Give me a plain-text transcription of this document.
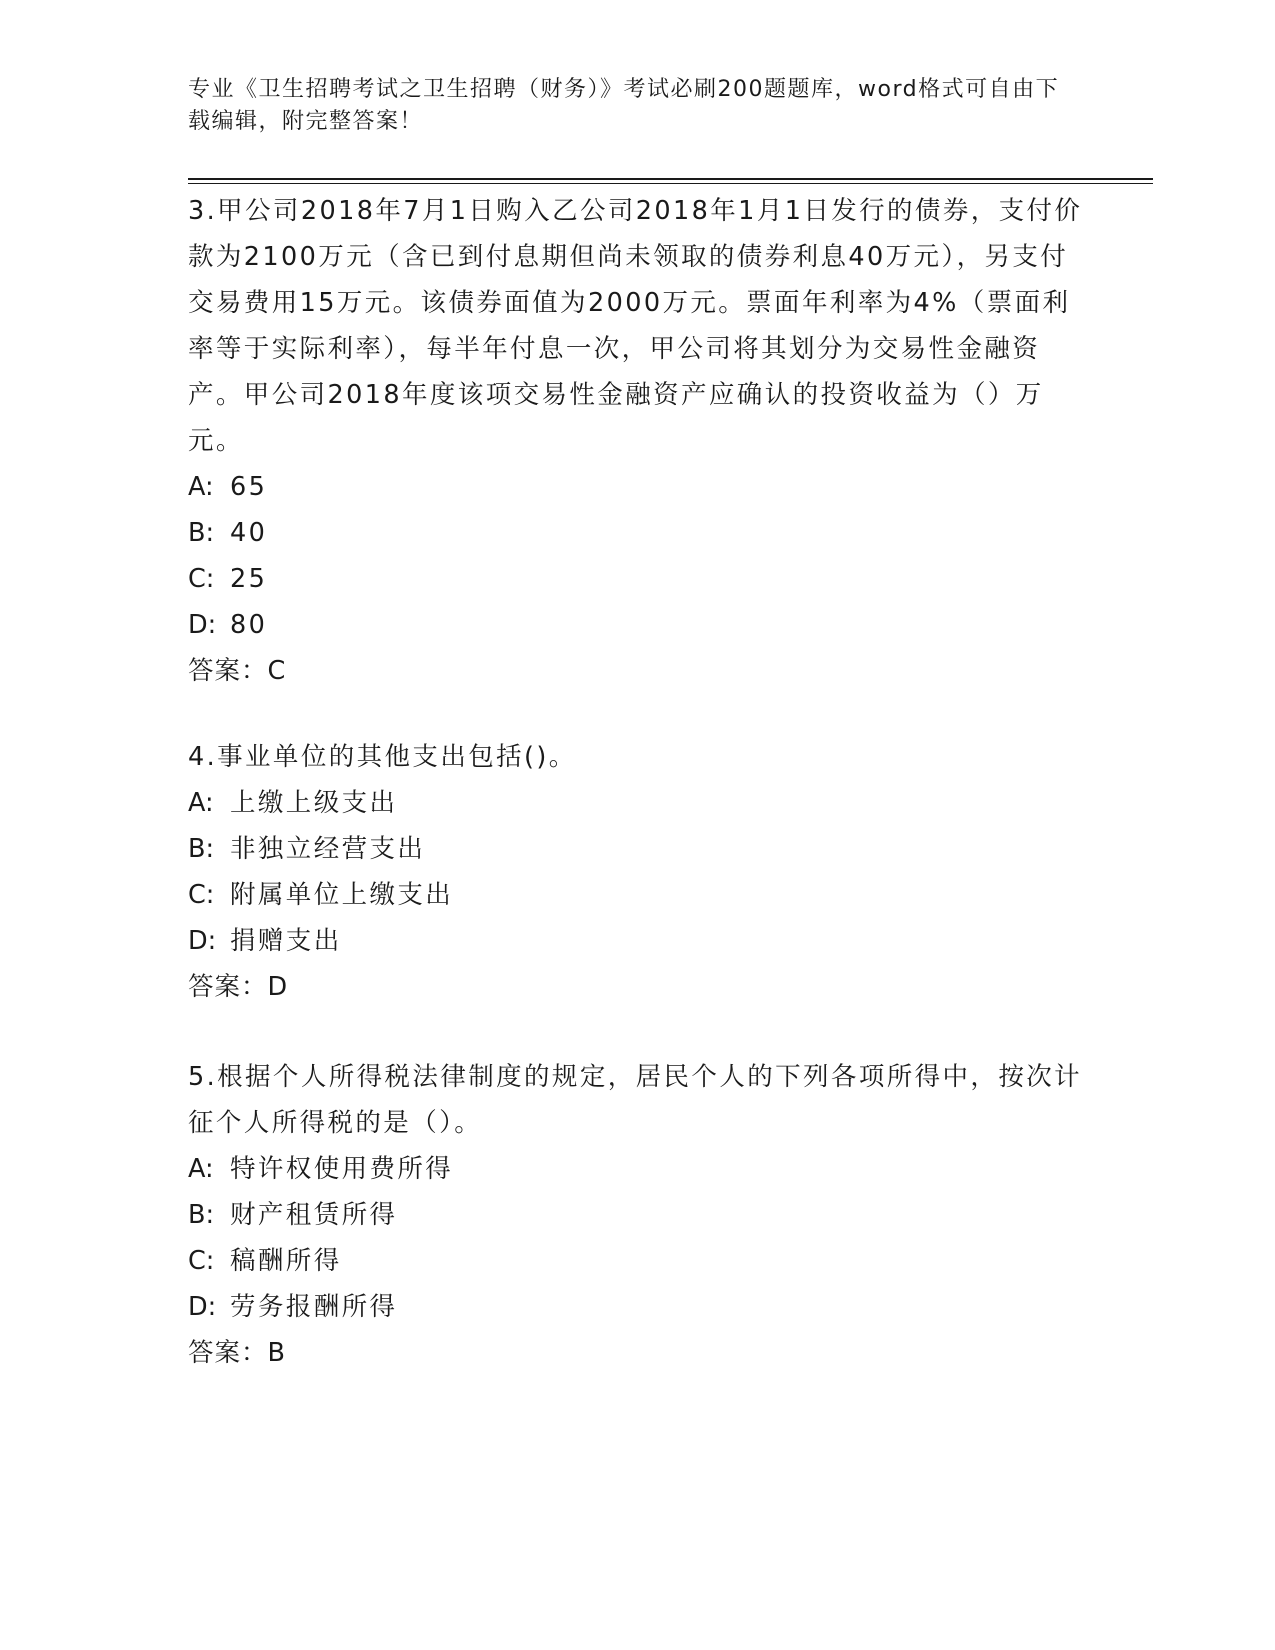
专业《卫生招聘考试之卫生招聘（财务）》考试必刷200题题库，word格式可自由下载编辑，附完整答案！
3.甲公司2018年7月1日购入乙公司2018年1月1日发行的债券，支付价款为2100万元（含已到付息期但尚未领取的债券利息40万元），另支付交易费用15万元。该债券面值为2000万元。票面年利率为4%（票面利率等于实际利率），每半年付息一次，甲公司将其划分为交易性金融资产。甲公司2018年度该项交易性金融资产应确认的投资收益为（）万元。
A: 65
B: 40
C: 25
D: 80
答案：C
4.事业单位的其他支出包括()。
A: 上缴上级支出
B: 非独立经营支出
C: 附属单位上缴支出
D: 捐赠支出
答案：D
5.根据个人所得税法律制度的规定，居民个人的下列各项所得中，按次计征个人所得税的是（）。
A: 特许权使用费所得
B: 财产租赁所得
C: 稿酬所得
D: 劳务报酬所得
答案：B
